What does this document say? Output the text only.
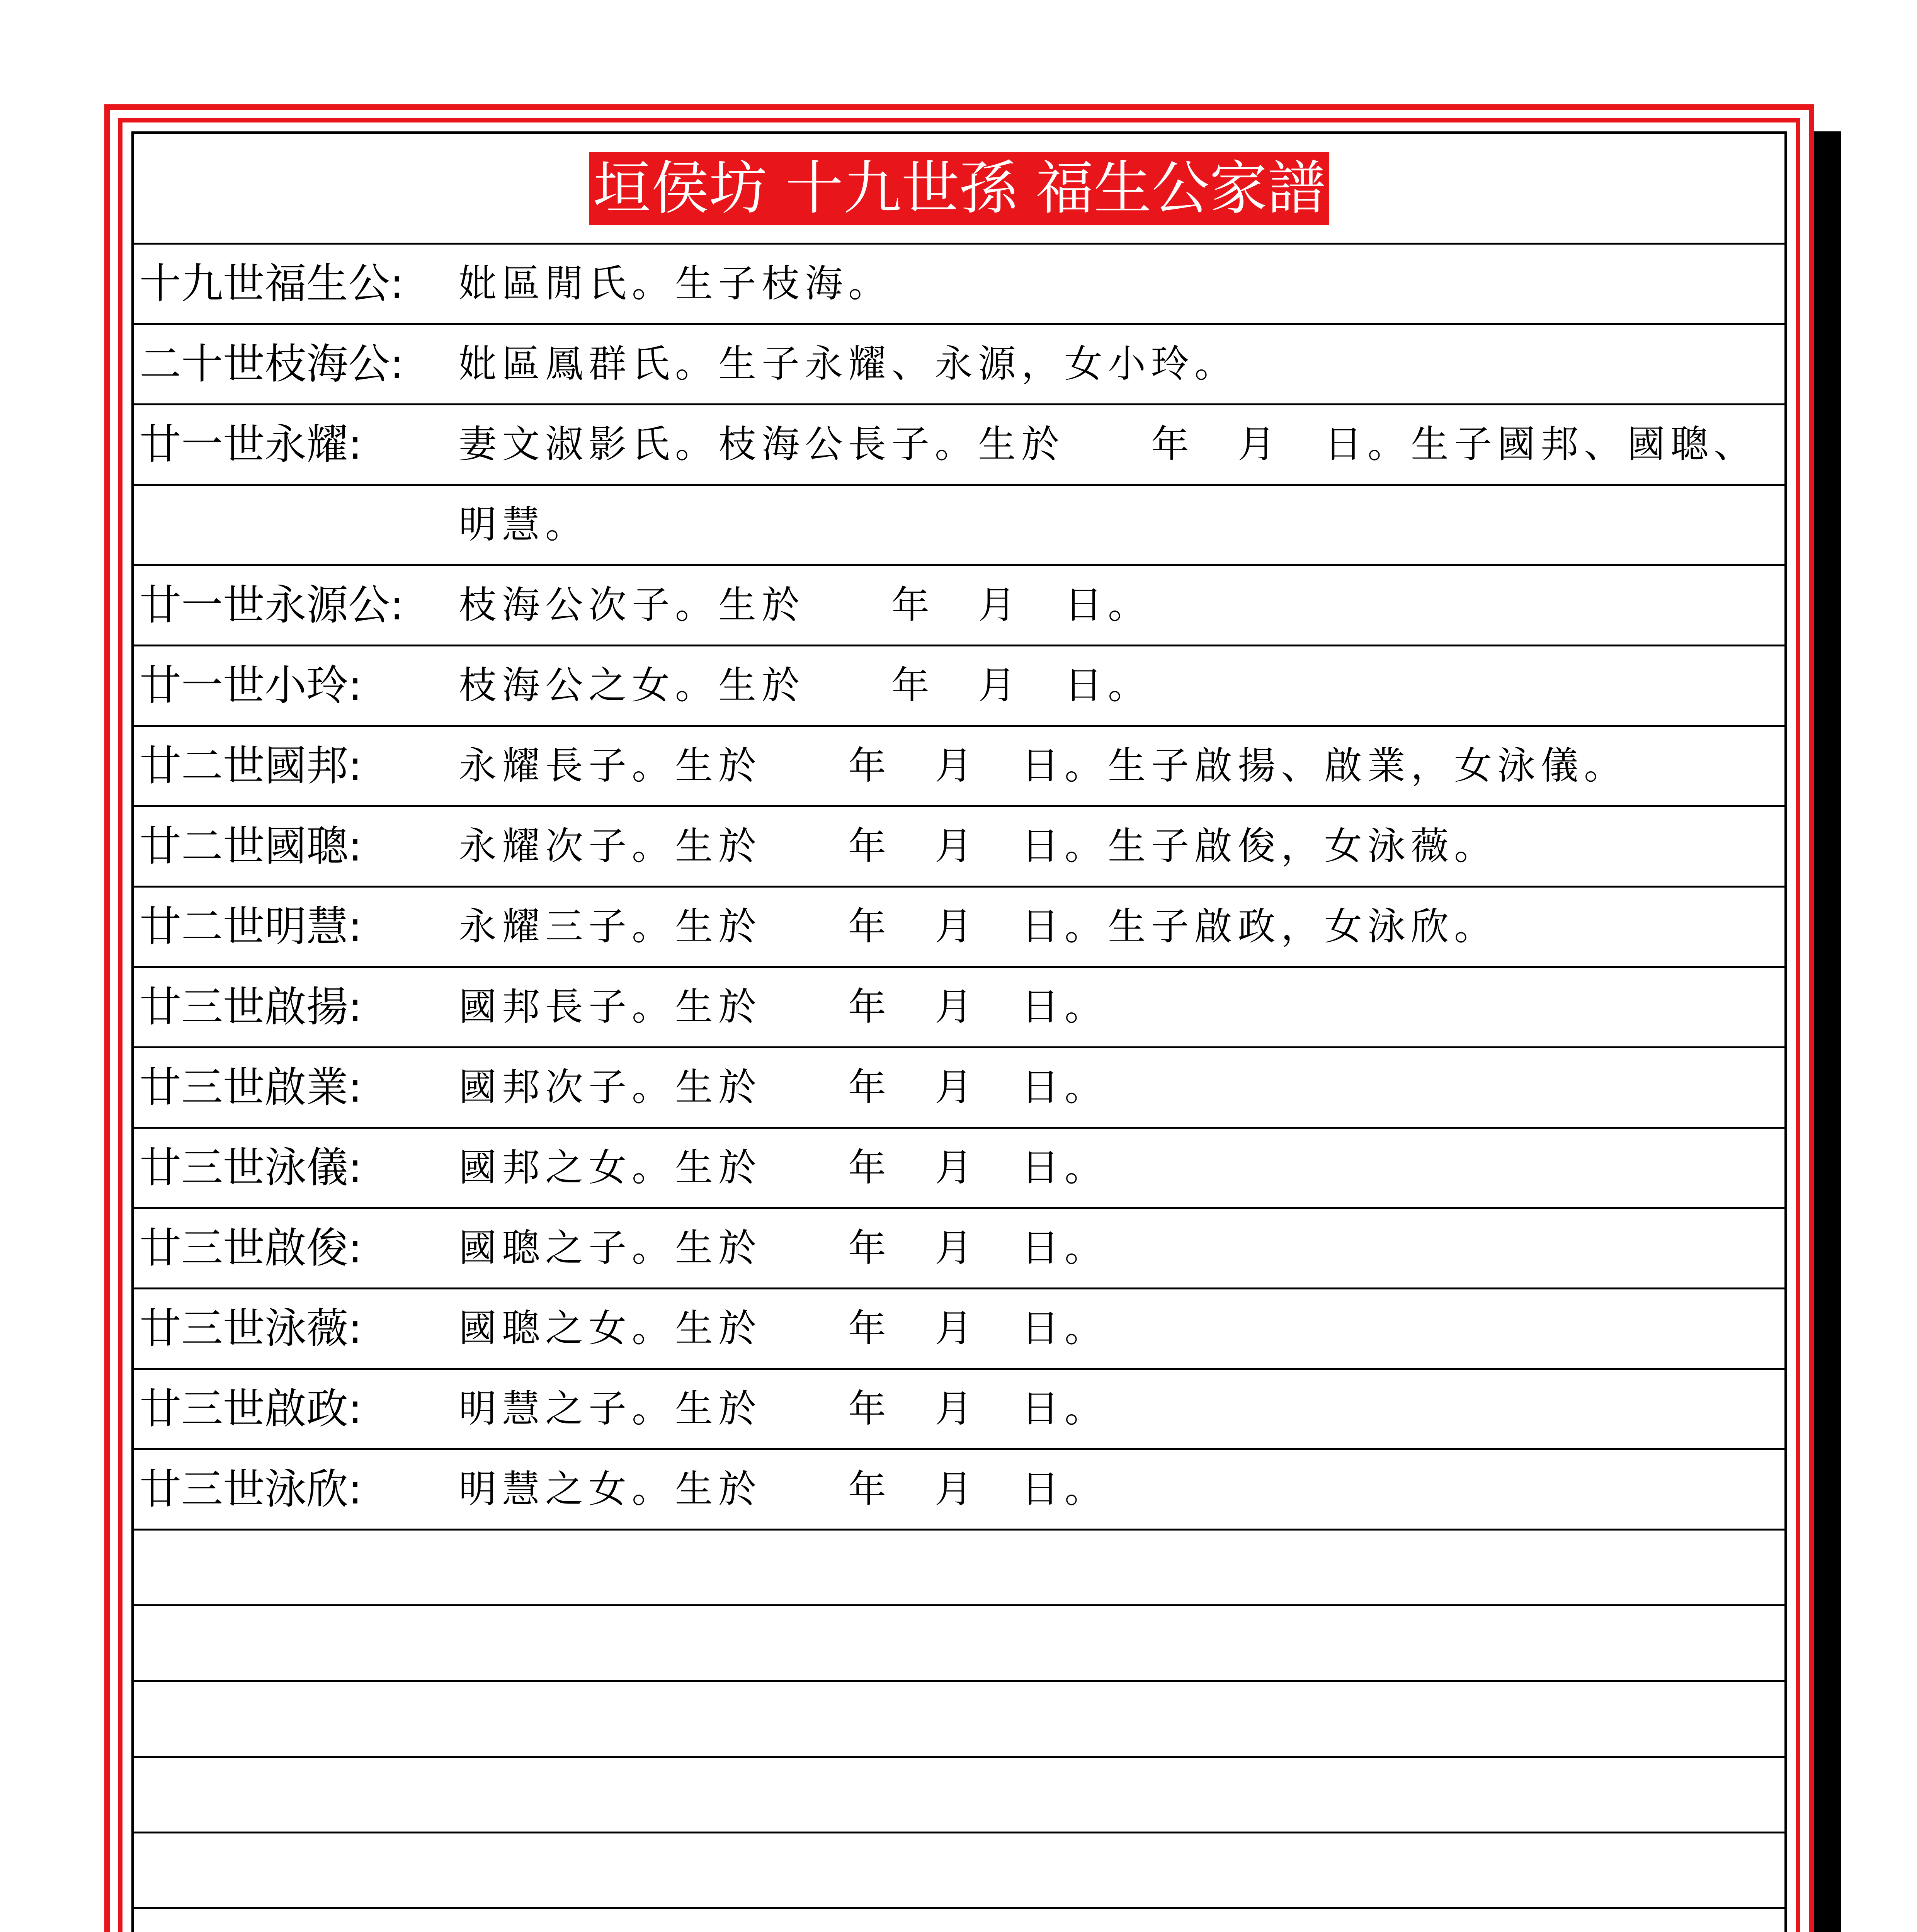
垣侯坊 十九世孫 福生公家譜
十九世福生公: 妣區閒氏。生子枝海。
二十世枝海公: 妣區鳳群氏。生子永耀、永源，女小玲。
廿一世永耀:	妻文淑影氏。枝海公長子。生於　　年　月　日。生子國邦、國聰、
明慧。
廿一世永源公: 枝海公次子。生於　　年　月　日。
廿一世小玲:	枝海公之女。生於　　年　月　日。
廿二世國邦:	永耀長子。生於　　年　月　日。生子啟揚、啟業，女泳儀。
廿二世國聰:	永耀次子。生於　　年　月　日。生子啟俊，女泳薇。
廿二世明慧:	永耀三子。生於　　年　月　日。生子啟政，女泳欣。
廿三世啟揚:	國邦長子。生於　　年　月　日。
廿三世啟業:	國邦次子。生於　　年　月　日。
廿三世泳儀:	國邦之女。生於　　年　月　日。
廿三世啟俊:	國聰之子。生於　　年　月　日。
廿三世泳薇:	國聰之女。生於　　年　月　日。
廿三世啟政:	明慧之子。生於　　年　月　日。
廿三世泳欣:	明慧之女。生於　　年　月　日。
